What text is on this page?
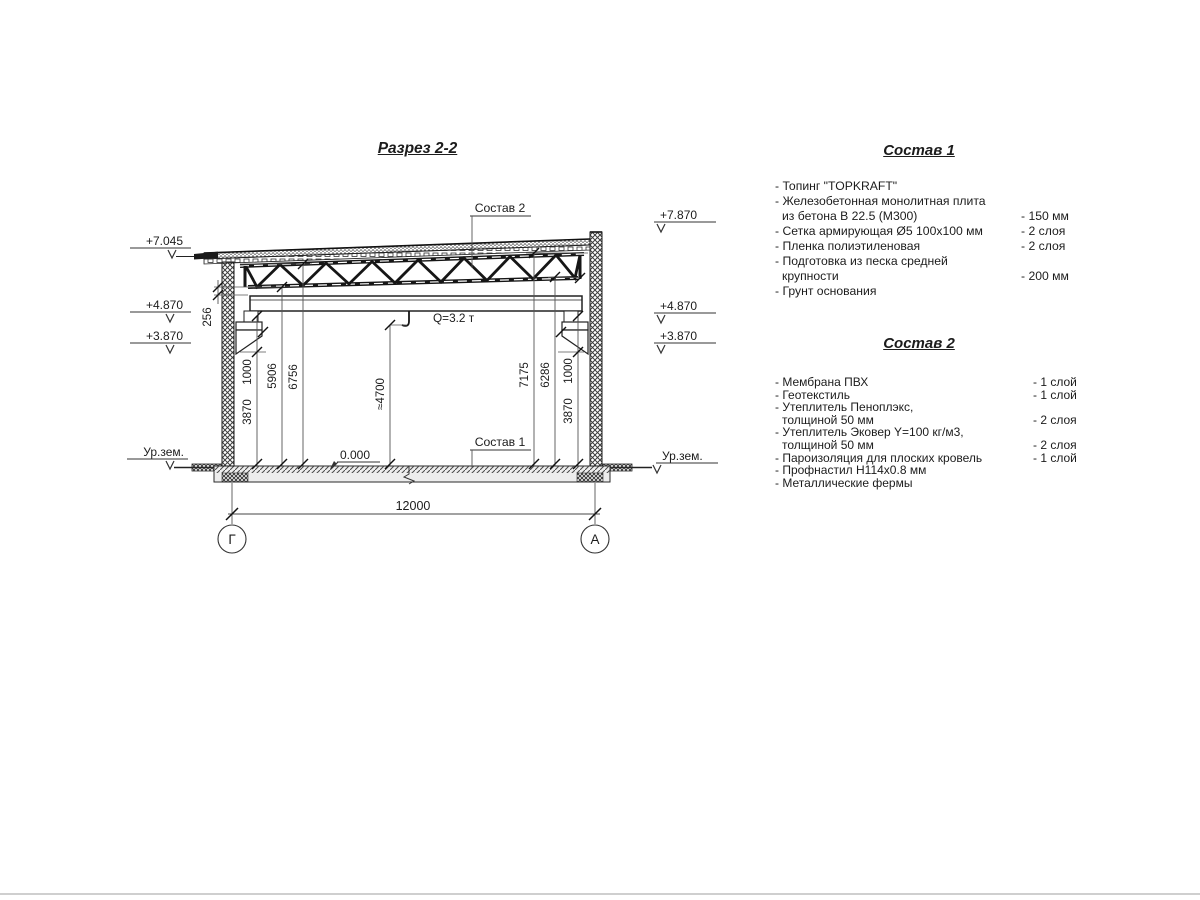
1000
3870
5906 6756
≈4700
7175 6286 1000
3870
256
Состав 2
Состав 1
Q=3.2 т
0.000
+7.045
+4.870
+3.870
Ур.зем.
+7.870
+4.870
+3.870
Ур.зем.
12000
Г	А
Разрез 2-2	Состав 1
- Топинг "TOPKRAFT"
- Железобетонная монолитная плита
из бетона В 22.5 (М300)	- 150 мм
- Сетка армирующая Ø5 100х100 мм	- 2 слоя
- Пленка полиэтиленовая	- 2 слоя
- Подготовка из песка средней
крупности	- 200 мм
- Грунт основания
Состав 2
- Мембрана ПВХ	- 1 слой
- Геотекстиль	- 1 слой
- Утеплитель Пеноплэкс,
толщиной 50 мм	- 2 слоя
- Утеплитель Эковер Y=100 кг/м3,
толщиной 50 мм	- 2 слоя
- Пароизоляция для плоских кровель	- 1 слой
- Профнастил Н114х0.8 мм
- Металлические фермы
